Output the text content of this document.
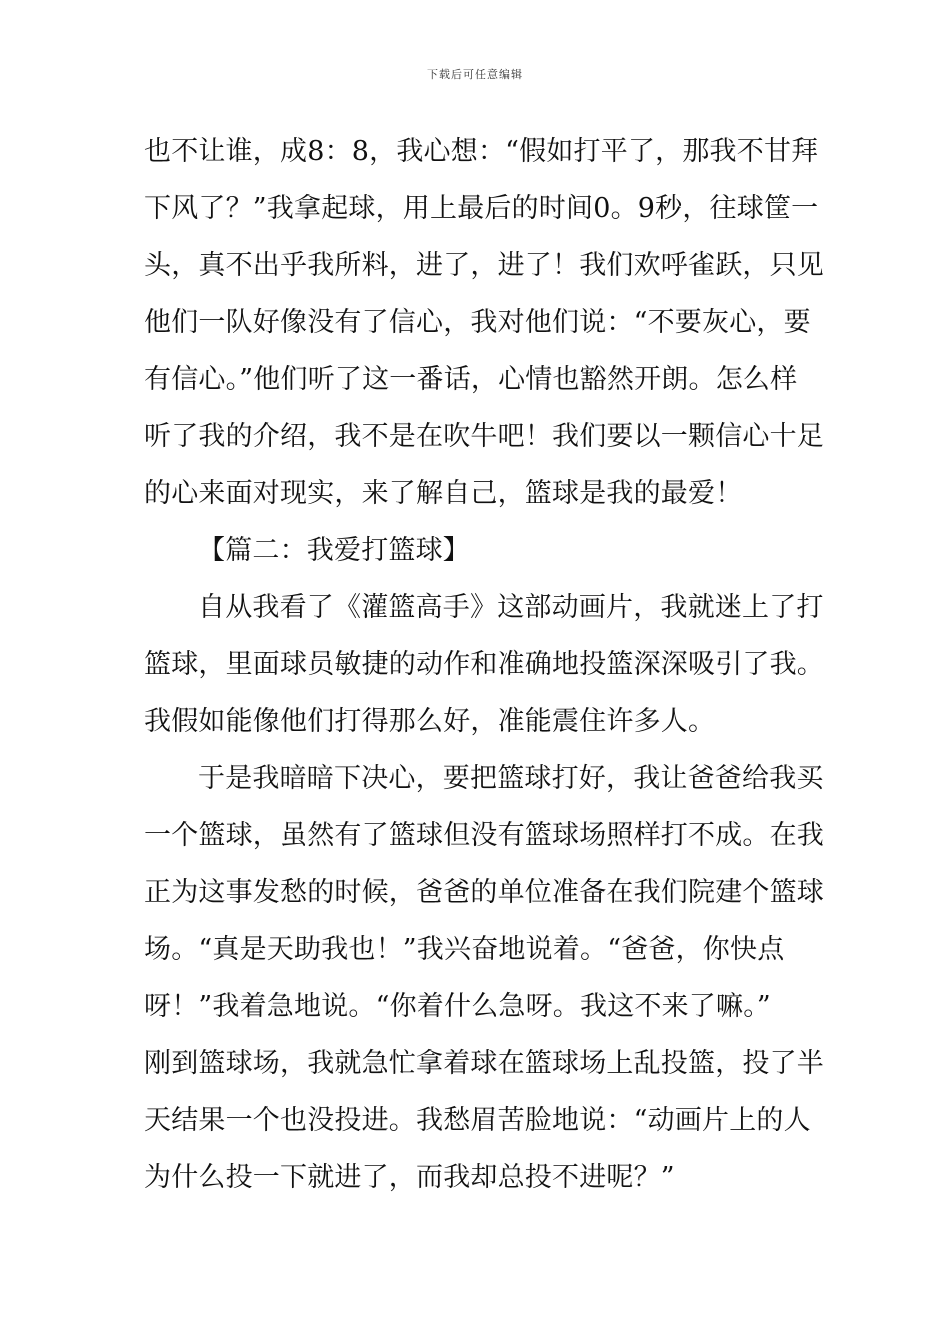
下载后可任意编辑
也不让谁，成8：8，我心想：“假如打平了，那我不甘拜
下风了？”我拿起球，用上最后的时间0。9秒，往球筐一
头，真不出乎我所料，进了，进了！我们欢呼雀跃，只见
他们一队好像没有了信心，我对他们说：“不要灰心，要
有信心。”他们听了这一番话，心情也豁然开朗。怎么样
听了我的介绍，我不是在吹牛吧！我们要以一颗信心十足
的心来面对现实，来了解自己，篮球是我的最爱！
【篇二：我爱打篮球】
自从我看了《灌篮高手》这部动画片，我就迷上了打
篮球，里面球员敏捷的动作和准确地投篮深深吸引了我。
我假如能像他们打得那么好，准能震住许多人。
于是我暗暗下决心，要把篮球打好，我让爸爸给我买
一个篮球，虽然有了篮球但没有篮球场照样打不成。在我
正为这事发愁的时候，爸爸的单位准备在我们院建个篮球
场。“真是天助我也！”我兴奋地说着。“爸爸，你快点
呀！”我着急地说。“你着什么急呀。我这不来了嘛。”
刚到篮球场，我就急忙拿着球在篮球场上乱投篮，投了半
天结果一个也没投进。我愁眉苦脸地说：“动画片上的人
为什么投一下就进了，而我却总投不进呢？”
